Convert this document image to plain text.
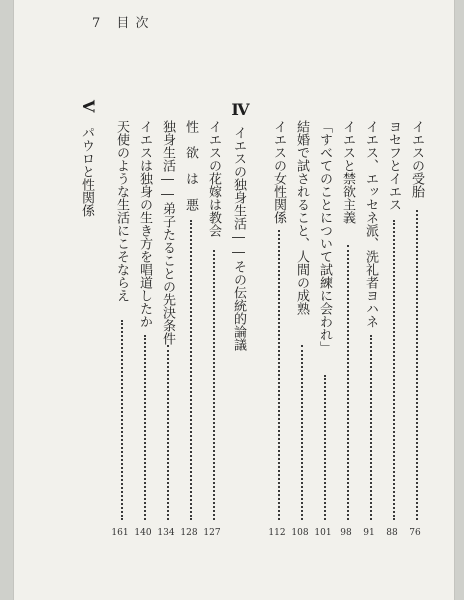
7 目 次
V
パウロと性関係
Ⅳ
イエスの独身生活――その伝統的論議
イエスの花嫁は教会
127
性　欲　は　悪
128
独身生活――弟子たることの先決条件
134
イエスは独身の生き方を唱道したか
140
天使のような生活にこそならえ
161
イエスの受胎
76
ヨセフとイエス
88
イエス、エッセネ派、洗礼者ヨハネ
91
イエスと禁欲主義
98
「すべてのことについて試練に会われ」
101
結婚で試されること、人間の成熟
108
イエスの女性関係
112
